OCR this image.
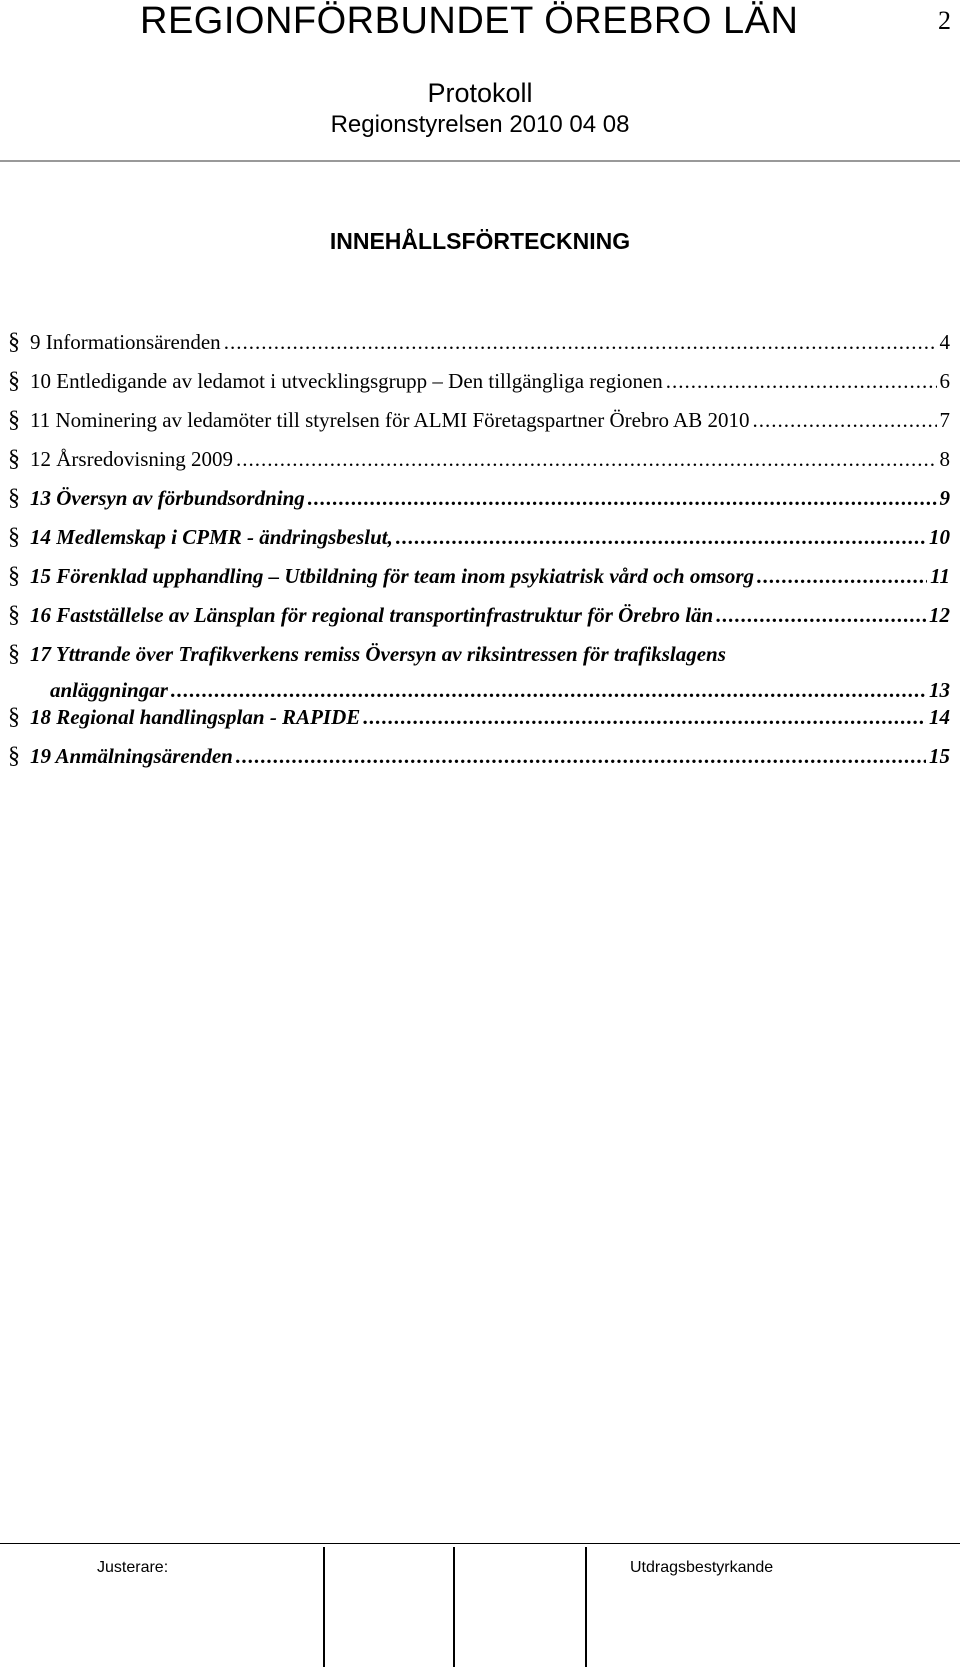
REGIONFÖRBUNDET ÖREBRO LÄN	2
Protokoll
Regionstyrelsen 2010 04 08
INNEHÅLLSFÖRTECKNING
§ 9 Informationsärenden .....	4
§ 10 Entledigande av ledamot i utvecklingsgrupp – Den tillgängliga regionen .....	6
§ 11 Nominering av ledamöter till styrelsen för ALMI Företagspartner Örebro AB 2010 .....	7
§ 12 Årsredovisning 2009 .....	8
§ 13 Översyn av förbundsordning .....	9
§ 14 Medlemskap i CPMR - ändringsbeslut, .....	10
§ 15 Förenklad upphandling – Utbildning för team inom psykiatrisk vård och omsorg .....	11
§ 16 Fastställelse av Länsplan för regional transportinfrastruktur för Örebro län .....	12
§ 17 Yttrande över Trafikverkens remiss Översyn av riksintressen för trafikslagens
anläggningar .....	13
§ 18 Regional handlingsplan - RAPIDE .....	14
§ 19 Anmälningsärenden .....	15
Justerare:	Utdragsbestyrkande
